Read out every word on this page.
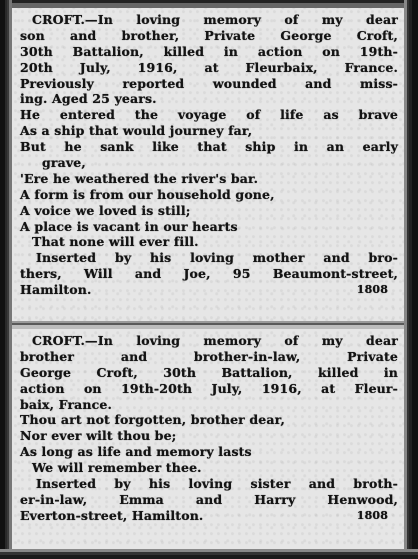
CROFT.—In loving memory of my dear
son and brother, Private George Croft,
30th Battalion, killed in action on 19th-
20th July, 1916, at Fleurbaix, France.
Previously reported wounded and miss-
ing. Aged 25 years.
He entered the voyage of life as brave
As a ship that would journey far,
But he sank like that ship in an early
grave,
'Ere he weathered the river's bar.
A form is from our household gone,
A voice we loved is still;
A place is vacant in our hearts
That none will ever fill.
Inserted by his loving mother and bro-
thers, Will and Joe, 95 Beaumont-street,
Hamilton.	1808
CROFT.—In loving memory of my dear
brother and brother-in-law, Private
George Croft, 30th Battalion, killed in
action on 19th-20th July, 1916, at Fleur-
baix, France.
Thou art not forgotten, brother dear,
Nor ever wilt thou be;
As long as life and memory lasts
We will remember thee.
Inserted by his loving sister and broth-
er-in-law, Emma and Harry Henwood,
Everton-street, Hamilton.	1808
